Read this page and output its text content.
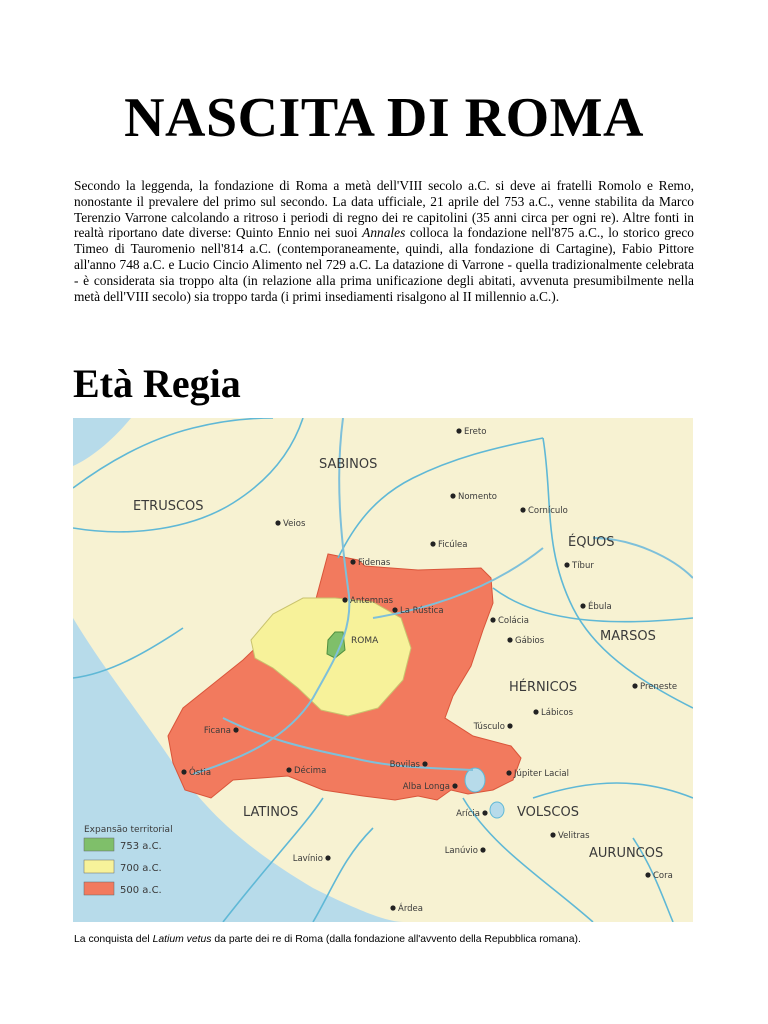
NASCITA DI ROMA

Secondo la leggenda, la fondazione di Roma a metà dell'VIII secolo a.C. si deve ai fratelli Romolo e Remo, nonostante il prevalere del primo sul secondo. La data ufficiale, 21 aprile del 753 a.C., venne stabilita da Marco Terenzio Varrone calcolando a ritroso i periodi di regno dei re capitolini (35 anni circa per ogni re). Altre fonti in realtà riportano date diverse: Quinto Ennio nei suoi Annales colloca la fondazione nell'875 a.C., lo storico greco Timeo di Tauromenio nell'814 a.C. (contemporaneamente, quindi, alla fondazione di Cartagine), Fabio Pittore all'anno 748 a.C. e Lucio Cincio Alimento nel 729 a.C. La datazione di Varrone - quella tradizionalmente celebrata - è considerata sia troppo alta (in relazione alla prima unificazione degli abitati, avvenuta presumibilmente nella metà dell'VIII secolo) sia troppo tarda (i primi insediamenti risalgono al II millennio a.C.).

Età Regia
SABINOS
ETRUSCOS
ÉQUOS
MARSOS
HÉRNICOS
LATINOS	VOLSCOS
AURUNCOS
ROMA
Ereto
Nomento
Cornículo
Veios
Ficúlea
Fidenas	Tíbur
Antemnas
Ébula
La Rústica
Colácia
Gábios
Preneste
Lábicos
Túsculo
Ficana
Óstia	Décima
Bovilas
Júpiter Lacial
Alba Longa
Arícia
Velitras
Lanúvio
Lavínio
Cora
Árdea
Expansão territorial
753 a.C.
700 a.C.
500 a.C.

La conquista del Latium vetus da parte dei re di Roma (dalla fondazione all'avvento della Repubblica romana).
